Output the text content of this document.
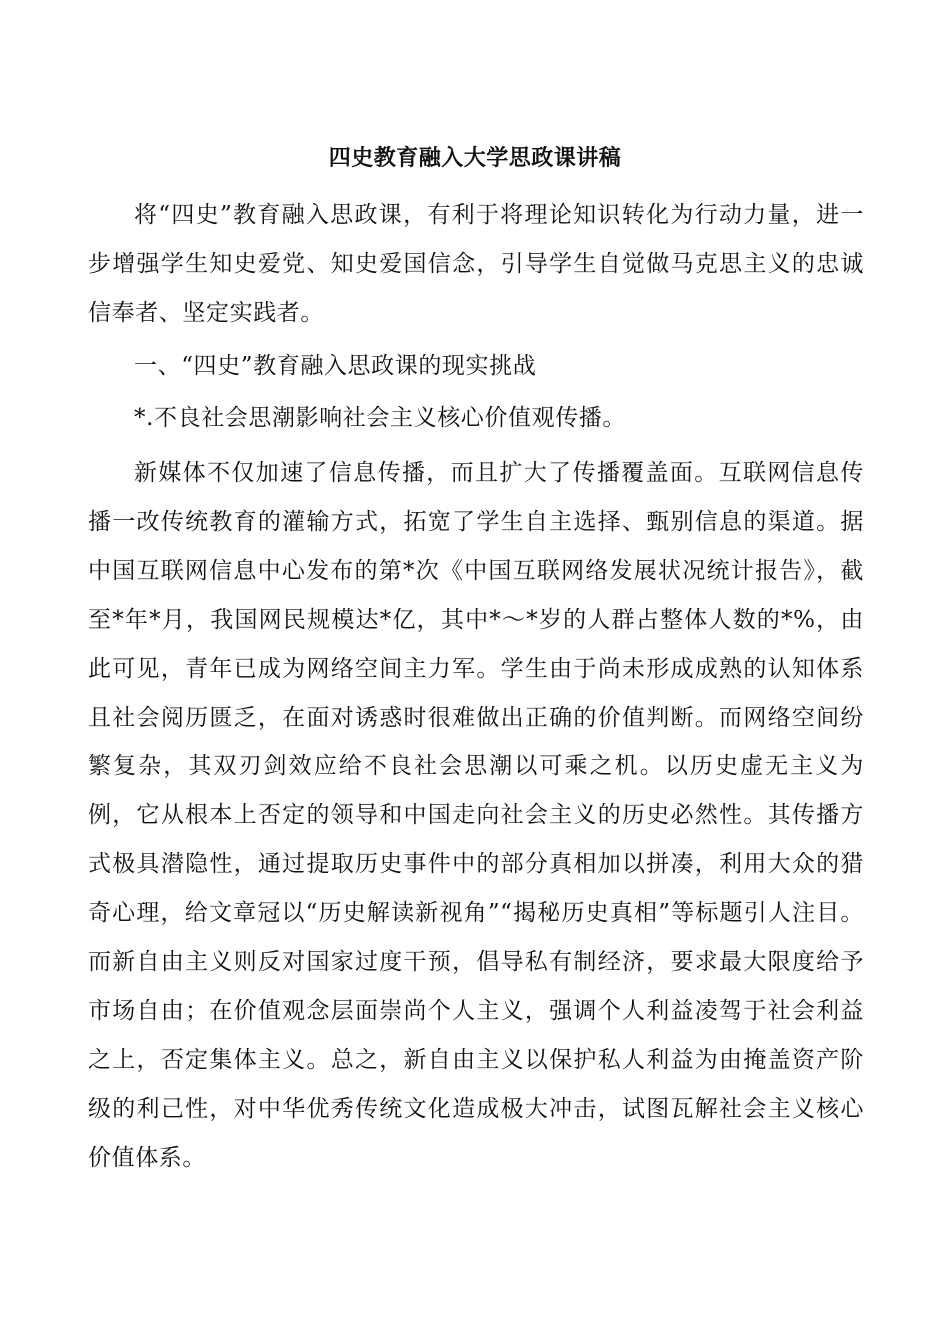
四史教育融入大学思政课讲稿

将“四史”教育融入思政课，有利于将理论知识转化为行动力量，进一步增强学生知史爱党、知史爱国信念，引导学生自觉做马克思主义的忠诚信奉者、坚定实践者。

一、“四史”教育融入思政课的现实挑战

*.不良社会思潮影响社会主义核心价值观传播。

新媒体不仅加速了信息传播，而且扩大了传播覆盖面。互联网信息传播一改传统教育的灌输方式，拓宽了学生自主选择、甄别信息的渠道。据中国互联网信息中心发布的第*次《中国互联网络发展状况统计报告》，截至*年*月，我国网民规模达*亿，其中*～*岁的人群占整体人数的*%，由此可见，青年已成为网络空间主力军。学生由于尚未形成成熟的认知体系且社会阅历匮乏，在面对诱惑时很难做出正确的价值判断。而网络空间纷繁复杂，其双刃剑效应给不良社会思潮以可乘之机。以历史虚无主义为例，它从根本上否定的领导和中国走向社会主义的历史必然性。其传播方式极具潜隐性，通过提取历史事件中的部分真相加以拼凑，利用大众的猎奇心理，给文章冠以“历史解读新视角”“揭秘历史真相”等标题引人注目。而新自由主义则反对国家过度干预，倡导私有制经济，要求最大限度给予市场自由；在价值观念层面崇尚个人主义，强调个人利益凌驾于社会利益之上，否定集体主义。总之，新自由主义以保护私人利益为由掩盖资产阶级的利己性，对中华优秀传统文化造成极大冲击，试图瓦解社会主义核心价值体系。
